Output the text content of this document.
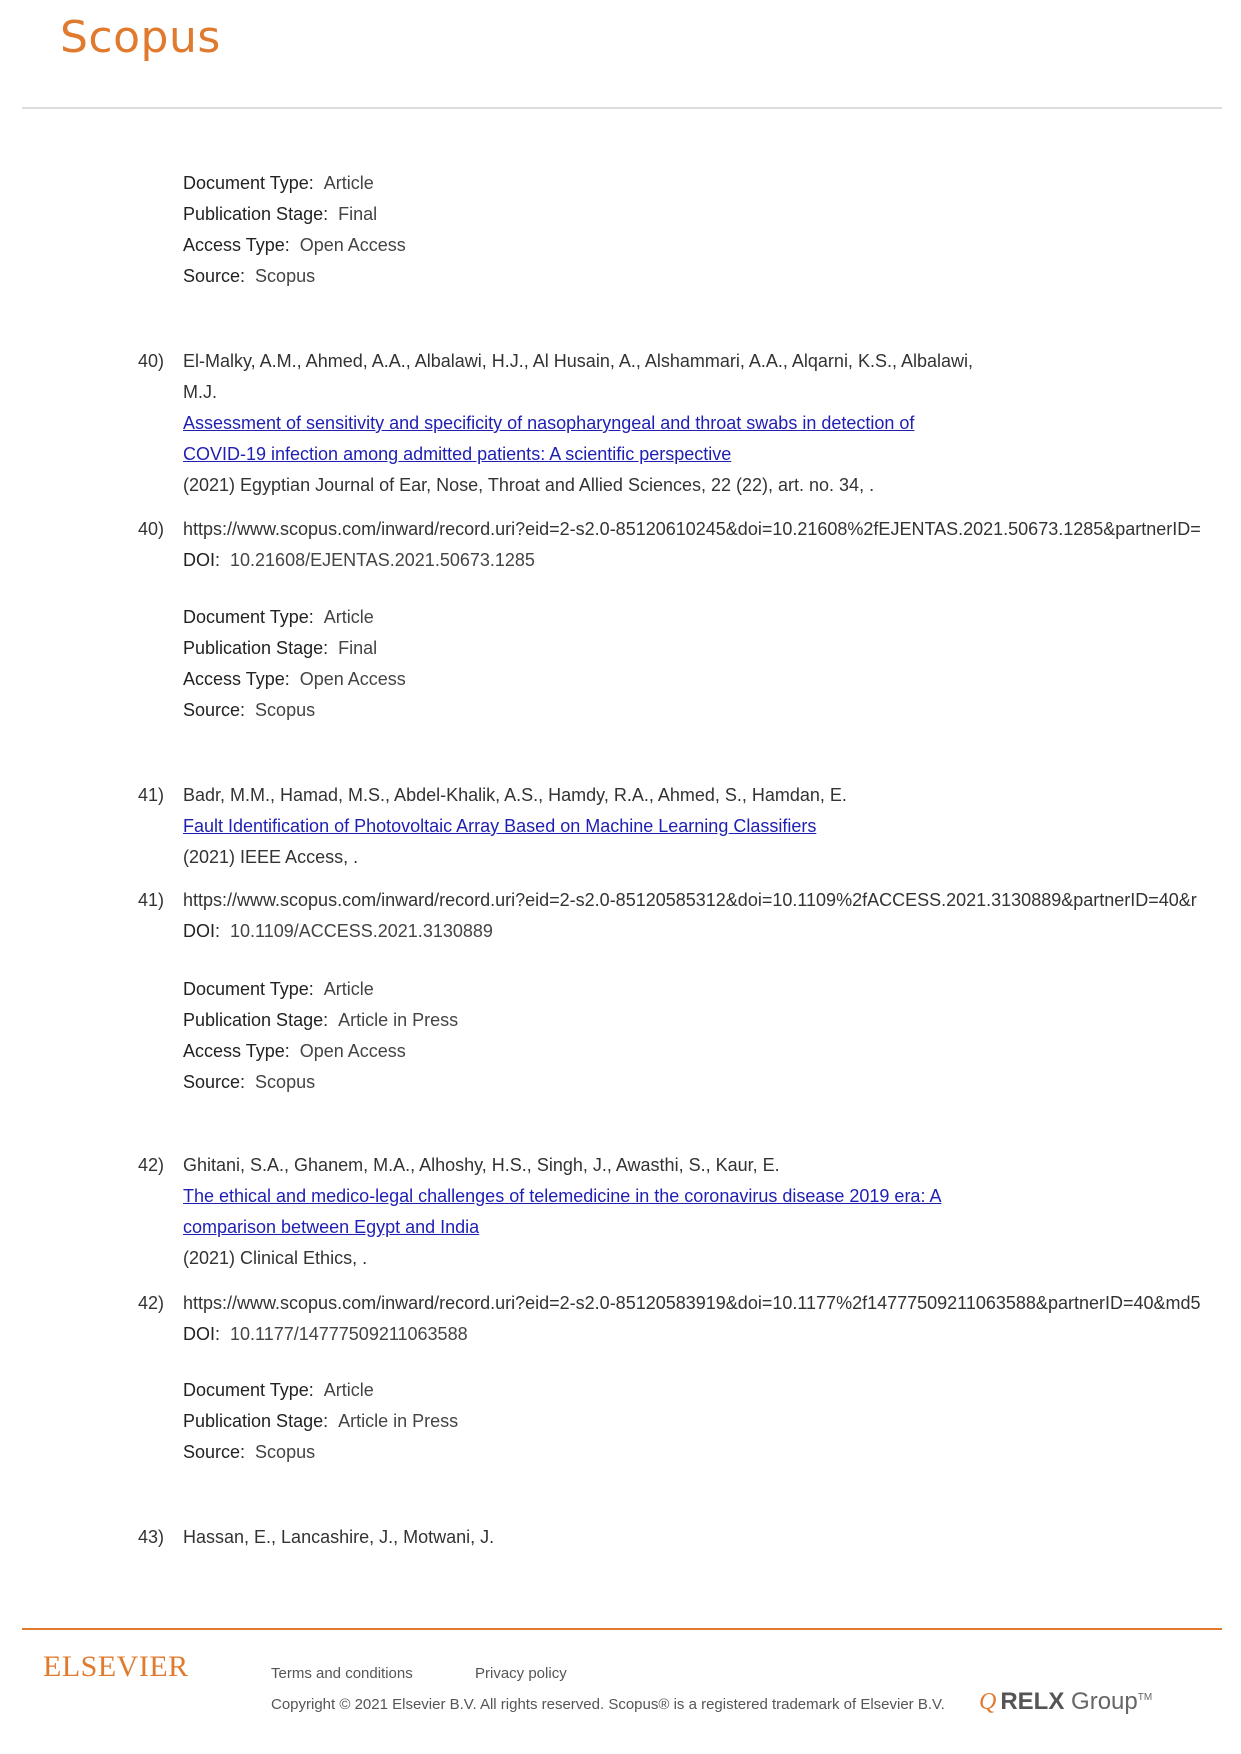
Scopus
Document Type: Article
Publication Stage: Final
Access Type: Open Access
Source: Scopus
40) El-Malky, A.M., Ahmed, A.A., Albalawi, H.J., Al Husain, A., Alshammari, A.A., Alqarni, K.S., Albalawi,
M.J.
Assessment of sensitivity and specificity of nasopharyngeal and throat swabs in detection of
COVID-19 infection among admitted patients: A scientific perspective
(2021) Egyptian Journal of Ear, Nose, Throat and Allied Sciences, 22 (22), art. no. 34, .
40) https://www.scopus.com/inward/record.uri?eid=2-s2.0-85120610245&doi=10.21608%2fEJENTAS.2021.50673.1285&partnerID=
DOI: 10.21608/EJENTAS.2021.50673.1285
Document Type: Article
Publication Stage: Final
Access Type: Open Access
Source: Scopus
41) Badr, M.M., Hamad, M.S., Abdel-Khalik, A.S., Hamdy, R.A., Ahmed, S., Hamdan, E.
Fault Identification of Photovoltaic Array Based on Machine Learning Classifiers
(2021) IEEE Access, .
41) https://www.scopus.com/inward/record.uri?eid=2-s2.0-85120585312&doi=10.1109%2fACCESS.2021.3130889&partnerID=40&r
DOI: 10.1109/ACCESS.2021.3130889
Document Type: Article
Publication Stage: Article in Press
Access Type: Open Access
Source: Scopus
42) Ghitani, S.A., Ghanem, M.A., Alhoshy, H.S., Singh, J., Awasthi, S., Kaur, E.
The ethical and medico-legal challenges of telemedicine in the coronavirus disease 2019 era: A
comparison between Egypt and India
(2021) Clinical Ethics, .
42) https://www.scopus.com/inward/record.uri?eid=2-s2.0-85120583919&doi=10.1177%2f14777509211063588&partnerID=40&md5
DOI: 10.1177/14777509211063588
Document Type: Article
Publication Stage: Article in Press
Source: Scopus
43) Hassan, E., Lancashire, J., Motwani, J.
ELSEVIER	Terms and conditions	Privacy policy
Copyright © 2021 Elsevier B.V. All rights reserved. Scopus® is a registered trademark of Elsevier B.V. Q RELX Group™
